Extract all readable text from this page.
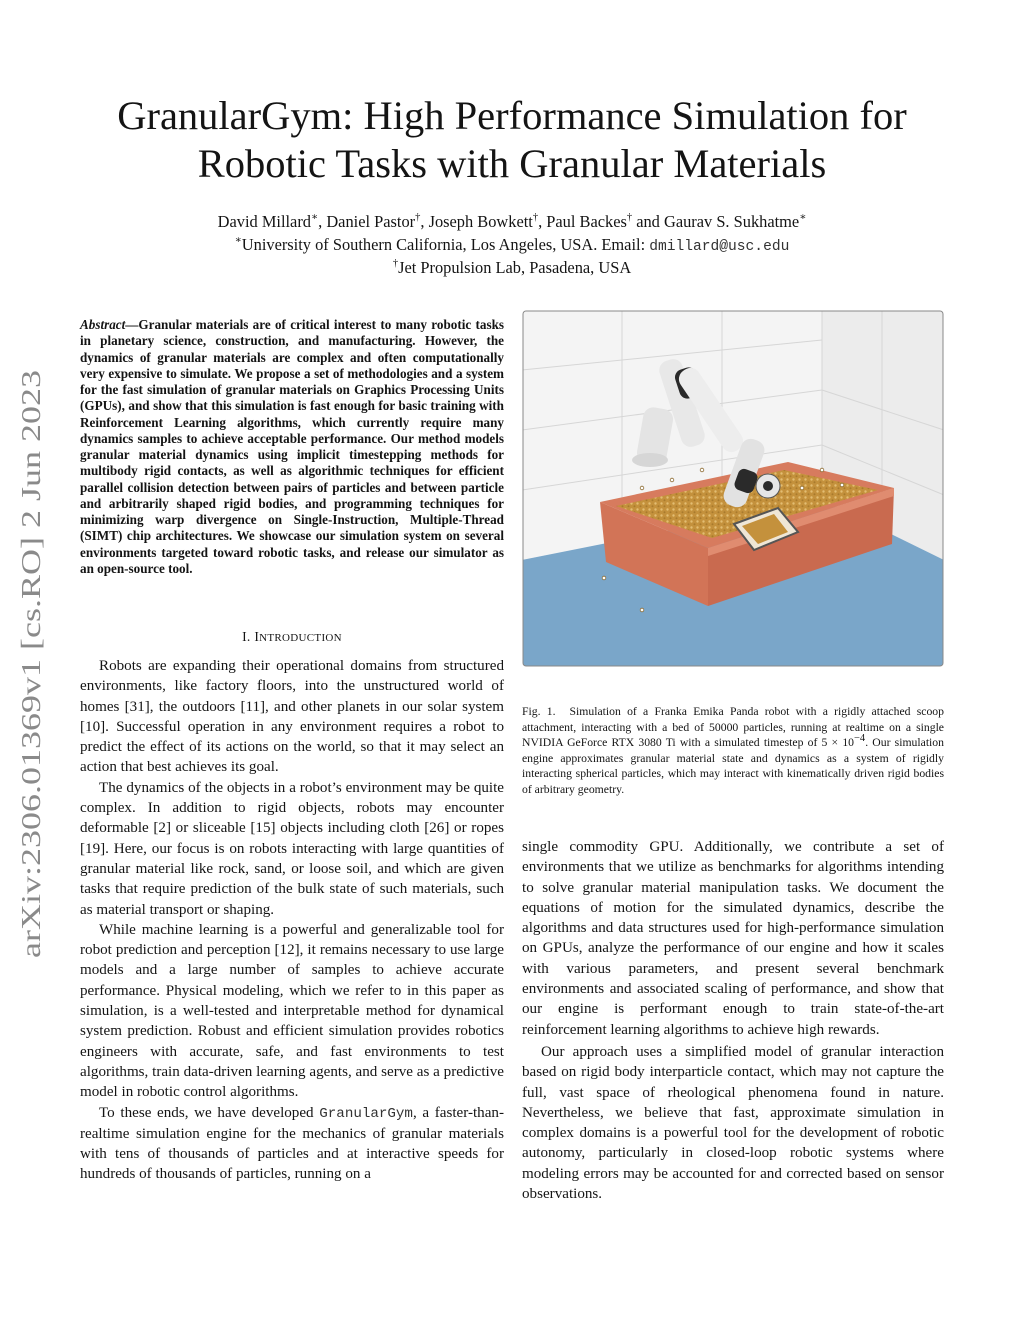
arXiv:2306.01369v1 [cs.RO] 2 Jun 2023
GranularGym: High Performance Simulation for
Robotic Tasks with Granular Materials
David Millard∗, Daniel Pastor†, Joseph Bowkett†, Paul Backes† and Gaurav S. Sukhatme∗
∗University of Southern California, Los Angeles, USA. Email: dmillard@usc.edu
†Jet Propulsion Lab, Pasadena, USA
Abstract—Granular materials are of critical interest to many robotic tasks in planetary science, construction, and manufacturing. However, the dynamics of granular materials are complex and often computationally very expensive to simulate. We propose a set of methodologies and a system for the fast simulation of granular materials on Graphics Processing Units (GPUs), and show that this simulation is fast enough for basic training with Reinforcement Learning algorithms, which currently require many dynamics samples to achieve acceptable performance. Our method models granular material dynamics using implicit timestepping methods for multibody rigid contacts, as well as algorithmic techniques for efficient parallel collision detection between pairs of particles and between particle and arbitrarily shaped rigid bodies, and programming techniques for minimizing warp divergence on Single-Instruction, Multiple-Thread (SIMT) chip architectures. We showcase our simulation system on several environments targeted toward robotic tasks, and release our simulator as an open-source tool.
I. INTRODUCTION

Robots are expanding their operational domains from structured environments, like factory floors, into the unstructured world of homes [31], the outdoors [11], and other planets in our solar system [10]. Successful operation in any environment requires a robot to predict the effect of its actions on the world, so that it may select an action that best achieves its goal.

The dynamics of the objects in a robot’s environment may be quite complex. In addition to rigid objects, robots may encounter deformable [2] or sliceable [15] objects including cloth [26] or ropes [19]. Here, our focus is on robots interacting with large quantities of granular material like rock, sand, or loose soil, and which are given tasks that require prediction of the bulk state of such materials, such as material transport or shaping.

While machine learning is a powerful and generalizable tool for robot prediction and perception [12], it remains necessary to use large models and a large number of samples to achieve accurate performance. Physical modeling, which we refer to in this paper as simulation, is a well-tested and interpretable method for dynamical system prediction. Robust and efficient simulation provides robotics engineers with accurate, safe, and fast environments to test algorithms, train data-driven learning agents, and serve as a predictive model in robotic control algorithms.

To these ends, we have developed GranularGym, a faster-than-realtime simulation engine for the mechanics of granular materials with tens of thousands of particles and at interactive speeds for hundreds of thousands of particles, running on a

Fig. 1. Simulation of a Franka Emika Panda robot with a rigidly attached scoop attachment, interacting with a bed of 50000 particles, running at realtime on a single NVIDIA GeForce RTX 3080 Ti with a simulated timestep of $5 \times 10^{-4}$. Our simulation engine approximates granular material state and dynamics as a system of rigidly interacting spherical particles, which may interact with kinematically driven rigid bodies of arbitrary geometry.

single commodity GPU. Additionally, we contribute a set of environments that we utilize as benchmarks for algorithms intending to solve granular material manipulation tasks. We document the equations of motion for the simulated dynamics, describe the algorithms and data structures used for high-performance simulation on GPUs, analyze the performance of our engine and how it scales with various parameters, and present several benchmark environments and associated scaling of performance, and show that our engine is performant enough to train state-of-the-art reinforcement learning algorithms to achieve high rewards.

Our approach uses a simplified model of granular interaction based on rigid body interparticle contact, which may not capture the full, vast space of rheological phenomena found in nature. Nevertheless, we believe that fast, approximate simulation in complex domains is a powerful tool for the development of robotic autonomy, particularly in closed-loop robotic systems where modeling errors may be accounted for and corrected based on sensor observations.
